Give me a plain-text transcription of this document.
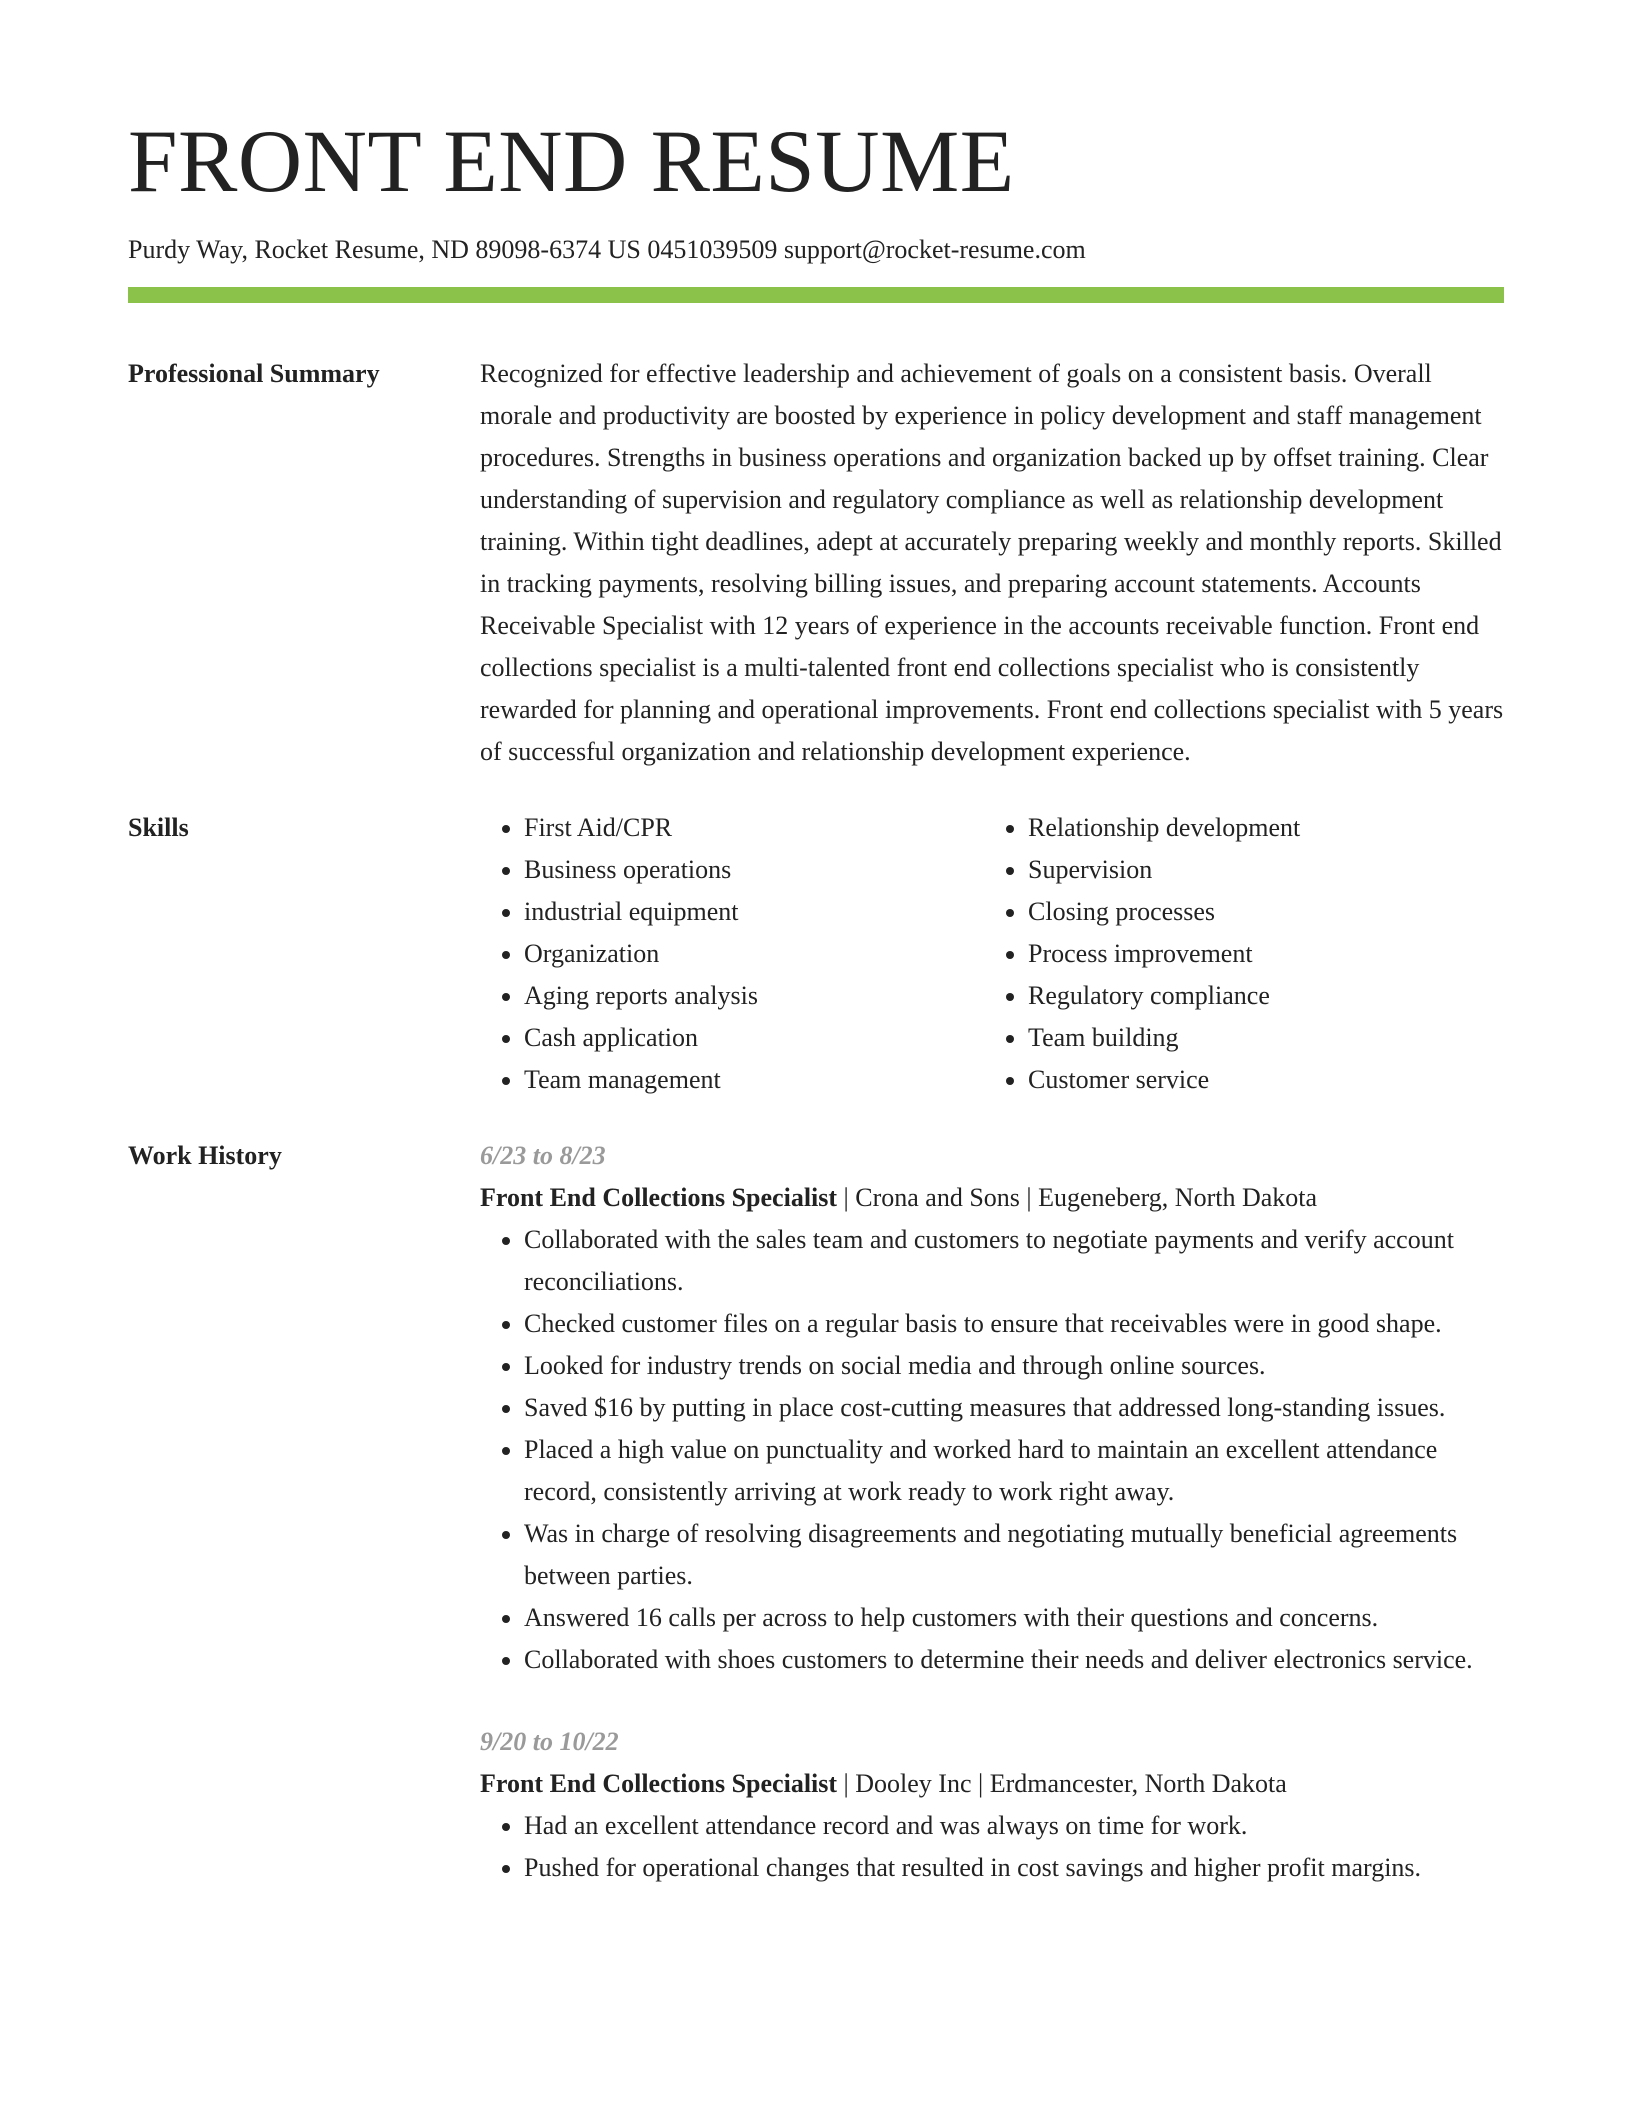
FRONT END RESUME
Purdy Way, Rocket Resume, ND 89098-6374 US 0451039509 support@rocket-resume.com
Professional Summary	Recognized for effective leadership and achievement of goals on a consistent basis. Overall morale and productivity are boosted by experience in policy development and staff management procedures. Strengths in business operations and organization backed up by offset training. Clear understanding of supervision and regulatory compliance as well as relationship development training. Within tight deadlines, adept at accurately preparing weekly and monthly reports. Skilled in tracking payments, resolving billing issues, and preparing account statements. Accounts Receivable Specialist with 12 years of experience in the accounts receivable function. Front end collections specialist is a multi-talented front end collections specialist who is consistently rewarded for planning and operational improvements. Front end collections specialist with 5 years of successful organization and relationship development experience.
Skills
•	First Aid/CPR
• Business operations
• industrial equipment
• Organization
• Aging reports analysis
• Cash application
• Team management
• Relationship development
• Supervision
• Closing processes
• Process improvement
• Regulatory compliance
• Team building
• Customer service
Work History	6/23 to 8/23
Front End Collections Specialist | Crona and Sons | Eugeneberg, North Dakota
• Collaborated with the sales team and customers to negotiate payments and verify account reconciliations.
• Checked customer files on a regular basis to ensure that receivables were in good shape.
• Looked for industry trends on social media and through online sources.
• Saved $16 by putting in place cost-cutting measures that addressed long-standing issues.
• Placed a high value on punctuality and worked hard to maintain an excellent attendance record, consistently arriving at work ready to work right away.
• Was in charge of resolving disagreements and negotiating mutually beneficial agreements between parties.
• Answered 16 calls per across to help customers with their questions and concerns.
• Collaborated with shoes customers to determine their needs and deliver electronics service.
9/20 to 10/22
Front End Collections Specialist | Dooley Inc | Erdmancester, North Dakota
• Had an excellent attendance record and was always on time for work.
• Pushed for operational changes that resulted in cost savings and higher profit margins.
